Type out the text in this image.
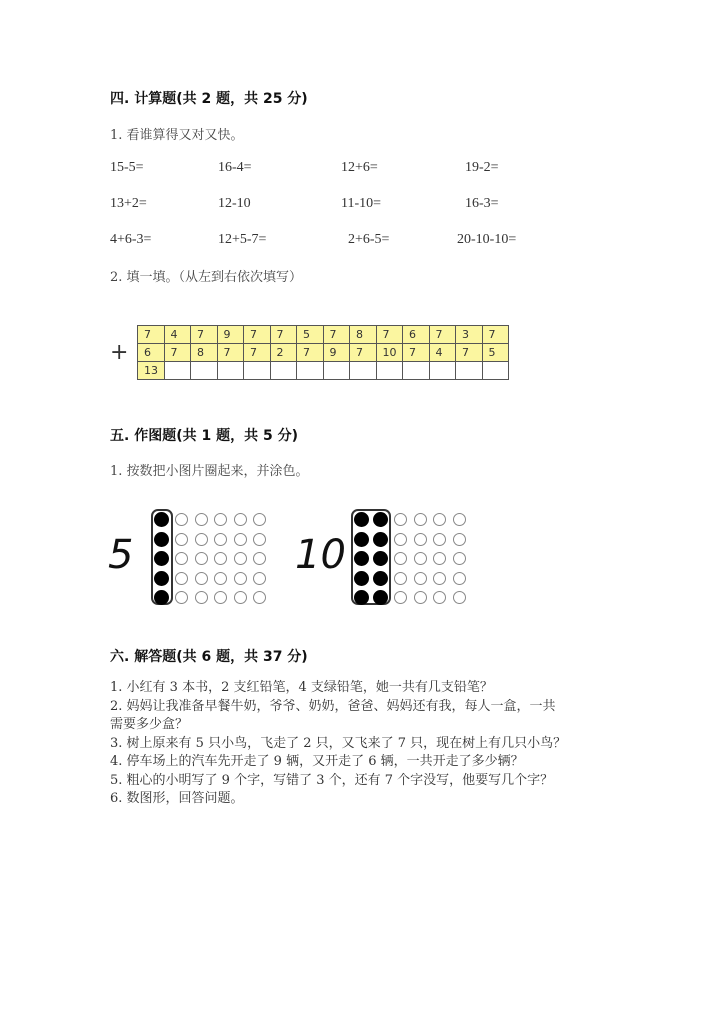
四. 计算题(共 2 题，共 25 分)
1. 看谁算得又对又快。
15-5=	16-4=	12+6=	19-2=
13+2=	12-10	11-10=	16-3=
4+6-3=	12+5-7=	2+6-5=	20-10-10=
2. 填一填。（从左到右依次填写）
+
7	4	7	9	7	7	5	7	8	7	6	7	3	7
6	7	8	7	7	2	7	9	7	10	7	4	7	5
13													
五. 作图题(共 1 题，共 5 分)
1. 按数把小图片圈起来，并涂色。
5	10
六. 解答题(共 6 题，共 37 分)
1. 小红有 3 本书，2 支红铅笔，4 支绿铅笔，她一共有几支铅笔？
2. 妈妈让我准备早餐牛奶，爷爷、奶奶，爸爸、妈妈还有我，每人一盒，一共
需要多少盒？
3. 树上原来有 5 只小鸟，飞走了 2 只，又飞来了 7 只，现在树上有几只小鸟？
4. 停车场上的汽车先开走了 9 辆，又开走了 6 辆，一共开走了多少辆？
5. 粗心的小明写了 9 个字，写错了 3 个，还有 7 个字没写，他要写几个字？
6. 数图形，回答问题。
